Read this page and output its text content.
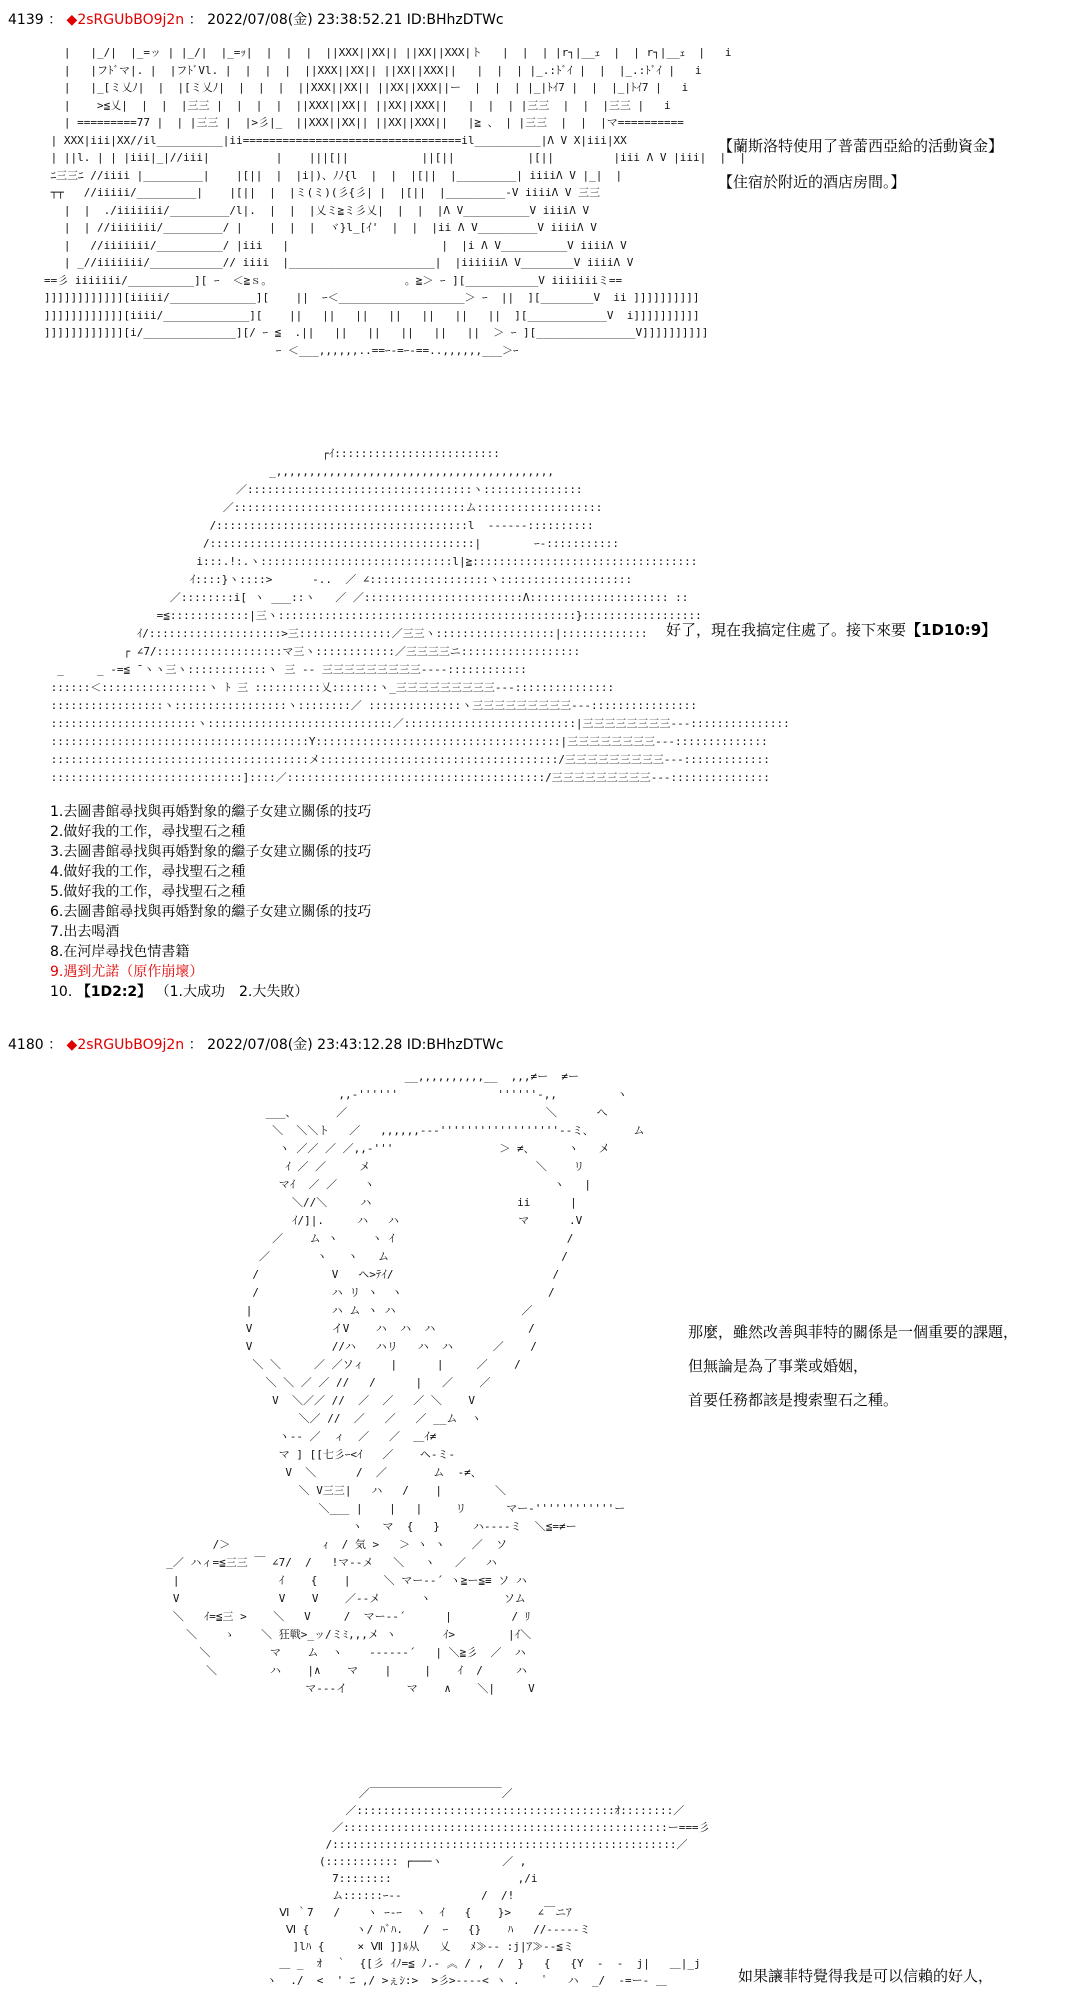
4139 ： ◆2sRGUbBO9j2n ： 2022/07/08(金) 23:38:52.21 ID:BHhzDTWc
|   |_/|  |_=ッ | |_/|  |_=ｯ|  |  |  |  ||XXX||XX|| ||XX||XXX|ト   |  |  | |r┐|__ｪ  |  | r┐|__ｪ  |   i
|   |フﾄﾞマ|. |  |フﾄﾞVl. |  |  |  |  ||XXX||XX|| ||XX||XXX||   |  |  | |_.:ﾄﾞｲ |  |  |_.:ﾄﾞｲ |   i
|   |_[ミ乂ﾉ|  |  |[ミ乂ﾉ|  |  |  |  ||XXX||XX|| ||XX||XXX||ー  |  |  | |_|ﾄｲ7 |  |  |_|ﾄｲ7 |   i
|    >≦乂|  |  |  |三三 |  |  |  |  ||XXX||XX|| ||XX||XXX||   |  |  | |三三  |  |  |三三 |   i
| =========77 |  | |三三 |  |>彡|_  ||XXX||XX|| ||XX||XXX||   |≧ 、 | |三三  |  |  |マ==========
| XXX|iii|XX//il__________|ii=================================il__________|Λ V X|iii|XX
| ||l. | | |iii|_|//iii|          |    |||[||           ||[||           |[||         |iii Λ V |iii|  |  |
ﾆ三三ﾆ //iiii |_________|    |[||  |  |i|)、ﾉﾉ{l  |  |  |[||  |_________| iiiiΛ V |_|  |
┬┬   //iiiii/_________|    |[||  |  |ミ(ミ)(彡{彡| |  |[||  |_________-V iiiiΛ V 三三
|  |  ./iiiiiii/_________/l|.  |  |  |乂ミ≧ミ彡乂|  |  |  |Λ V__________V iiiiΛ V
|  | //iiiiiii/_________/ |    |  |  |  ヾ}l_[ｲ'  |  |  |ii Λ V_________V iiiiΛ V
|   //iiiiiii/__________/ |iii   |                       |  |i Λ V__________V iiiiΛ V
| _//iiiiiii/___________// iiii  |______________________|  |iiiiiiΛ V________V iiiiΛ V
==彡 iiiiiii/__________][ ｰ  ＜≧ｓ。                    。≧＞ ｰ ][___________V iiiiiiiミ==
]]]]]]]]]]]][iiiii/_____________][    ||  ｰ＜___________________＞ ｰ  ||  ][________V  ii ]]]]]]]]]]
]]]]]]]]]]]][iiii/_____________][    ||   ||   ||   ||   ||   ||   ||  ][____________V  i]]]]]]]]]]
]]]]]]]]]]]][i/______________][/ ｰ ≦  .||   ||   ||   ||   ||   ||  ＞ ｰ ][_______________V]]]]]]]]]]
ｰ ＜___,,,,,,..==ｰ‐=ｰ‐==..,,,,,,___＞ｰ
【蘭斯洛特使用了普蕾西亞給的活動資金】
【住宿於附近的酒店房間。】
┌ｲ:::::::::::::::::::::::::
_,,,,,,,,,,,,,,,,,,,,,,,,,,,,,,,,,,,,,,,,,,
／::::::::::::::::::::::::::::::::::ヽ:::::::::::::::
／:::::::::::::::::::::::::::::::::::ム:::::::::::::::::::
/::::::::::::::::::::::::::::::::::::::l  ‐‐‐‐‐-::::::::::
/::::::::::::::::::::::::::::::::::::::::|        ｰ‐:::::::::::
i:::.!:.ヽ:::::::::::::::::::::::::::::l|≧::::::::::::::::::::::::::::::::::
ｲ::::}ヽ::::>      ‐..  ／ ∠::::::::::::::::::ヽ::::::::::::::::::::
／::::::::i[ ヽ ___::ヽ   ／ ／::::::::::::::::::::::::Λ::::::::::::::::::::: ::
=≦::::::::::::|三ヽ:::::::::::::::::::::::::::::::::::::::::::::}::::::::::::::::::
ｲ/::::::::::::::::::::>三::::::::::::::／三三ヽ::::::::::::::::::|:::::::::::::
┌ ∠7/:::::::::::::::::::マ三ヽ::::::::::::／三三三三ニ::::::::::::::::::
_     _ -=≦ ¯ヽヽ三ヽ::::::::::::ヽ 三 -- 三三三三三三三三三----::::::::::::
::::::＜::::::::::::::::ヽ ﾄ 三 ::::::::::乂:::::::ヽ_三三三三三三三三三---:::::::::::::::
:::::::::::::::::ヽ:::::::::::::::::ヽ::::::::／ ::::::::::::::ヽ三三三三三三三三三---::::::::::::::::
::::::::::::::::::::::ヽ::::::::::::::::::::::::::::／::::::::::::::::::::::::::|三三三三三三三三---:::::::::::::::
:::::::::::::::::::::::::::::::::::::::Y:::::::::::::::::::::::::::::::::::::|三三三三三三三三---::::::::::::::
:::::::::::::::::::::::::::::::::::::::メ::::::::::::::::::::::::::::::::::::/三三三三三三三三三---:::::::::::::
:::::::::::::::::::::::::::::]::::／:::::::::::::::::::::::::::::::::::::::/三三三三三三三三三---:::::::::::::::
好了，現在我搞定住處了。接下來要【1D10:9】
1.去圖書館尋找與再婚對象的繼子女建立關係的技巧
2.做好我的工作，尋找聖石之種
3.去圖書館尋找與再婚對象的繼子女建立關係的技巧
4.做好我的工作，尋找聖石之種
5.做好我的工作，尋找聖石之種
6.去圖書館尋找與再婚對象的繼子女建立關係的技巧
7.出去喝酒
8.在河岸尋找色情書籍
9.遇到尤諾（原作崩壞）
10. 【1D2:2】 （1.大成功　2.大失敗）
4180 ： ◆2sRGUbBO9j2n ： 2022/07/08(金) 23:43:12.28 ID:BHhzDTWc
__,,,,,,,,,,__  ,,,≠ー  ≠ー
,,‐''''''               ''''''‐,,         ヽ
___、      ／                              ＼      へ
＼  ＼＼ト   ／   ,,,,,,‐‐‐''''''''''''''''''‐‐ミ、      ム
ヽ ／／ ／ ／,,‐'''                ＞ ≠、     ヽ   メ
ｲ ／ ／     メ                         ＼    リ
マｲ  ／ ／    ヽ                           ヽ   |
＼//＼     ハ                      ii      |
ｲ/]|.     ハ   ハ                  マ      .V
／    ム ヽ     ヽ ｲ                          /
／       ヽ   ヽ   ム                          /
/           V   ヘ>ﾃｲ/                        /
/           ハ リ ヽ  ヽ                      /
|            ハ ム ヽ ハ                   ／
V            イV    ハ  ハ  ハ              /
V            //ハ   ハリ   ハ  ハ      ／    /
＼ ＼     ／ ／ソィ    |      |     ／    /
＼ ＼ ／ ／ //   /      |   ／    ／
V  ＼／／ //  ／  ／   ／ ＼    V
＼／ //  ／   ／   ／ __ム  ヽ
ヽ-‐ ／  ィ  ／   ／  ＿ｲ≠
マ ] [[七彡ｰ<ｲ   ／    ヘ-ミ‐
V  ＼      /  ／       ム  ‐≠、
＼ V三三|   ハ   /    |        ＼
＼___ |    |   |     リ      マー‐''''''''''''ー
ヽ   マ  {   }     ハ‐‐‐‐ミ  ＼≦=≠ー
/＞              ｨ  / 気 >   ＞ ヽ ヽ    ／  ソ
_／ ハィ=≦三三 ￣ ∠7/  /   !マ--メ   ＼   ヽ   ／   ハ
|               ｲ    {    |     ＼ マー--´ ヽ≧ー≦≡ ソ ハ
V               V    V    ／--メ      ヽ           ソム
＼   ｲ=≦三 >    ＼   V     /  マー--´      |         / ﾘ
＼    ゝ    ＼ 狂戦>_ッ/ミﾐ,,,メ ヽ       ｲ>        |ｲ＼
＼         マ    ム  ヽ    ‐‐‐‐‐-´   | ＼≧彡  ／  ハ
＼        ハ    |∧    マ    |     |    ｲ  /     ハ
マ---イ         マ    ∧    ＼|     V
那麼，雖然改善與菲特的關係是一個重要的課題，
但無論是為了事業或婚姻，
首要任務都該是搜索聖石之種。
／￣￣￣￣￣￣￣￣￣￣￣￣／
／:::::::::::::::::::::::::::::::::::::::ｵ::::::::／
／:::::::::::::::::::::::::::::::::::::::::::::::::ー===彡
/::::::::::::::::::::::::::::::::::::::::::::::::::::／
(::::::::::: ┌───ヽ         ／ ,
7::::::::                   ,/i
ム::::::ｰ‐‐            /  /!
Ⅵ ｀7   /    ヽ ｰ-ｰ  ヽ  ｲ   {    }>    ∠￣ニｱ
Ⅵ {       ヽ/ ﾊﾞﾊ.   /  ｰ   {}    ﾊ   //‐‐‐‐‐ミ
]lﾊ {     × Ⅶ ]]ﾙ从   乂   ﾒ≫‐- :j|ｱ≫‐‐≦ミ
＿ _  ｵ  ｀  {[彡 ｲﾉ=≦ ﾉ.- ︽ / ,  /  }   {   {Y  ‐  -  j|   ＿|_j
ヽ  ./  <  ' ﾆ ,/ >ぇｼ:>  >彡>----< ヽ .    ﾟ   ハ  _/  ‐=ー‐ ＿	如果讓菲特覺得我是可以信賴的好人，
